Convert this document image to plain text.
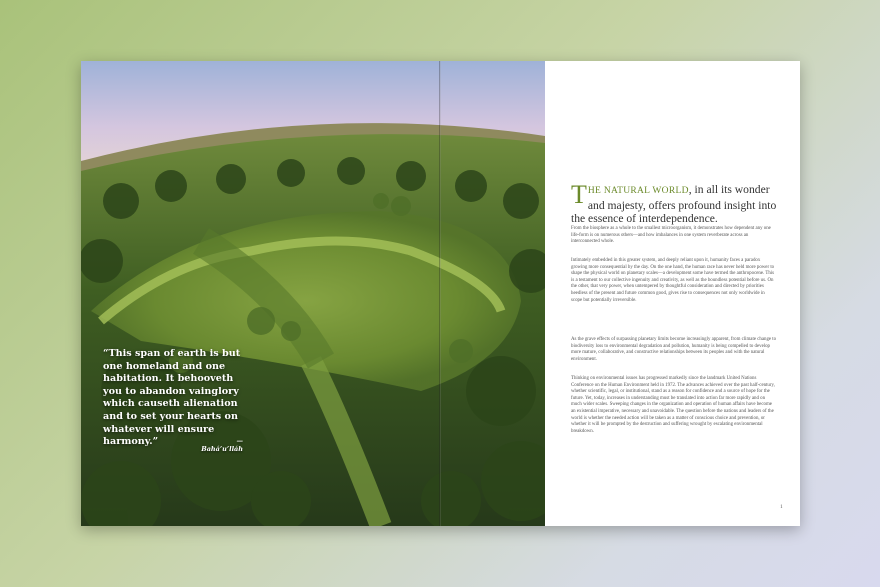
“This span of earth is but one homeland and one habitation. It behooveth you to abandon vainglory which causeth alienation and to set your hearts on whatever will ensure harmony.”	— Bahá’u’lláh
THE NATURAL WORLD, in all its wonder and majesty, offers profound insight into the essence of interdependence.
From the biosphere as a whole to the smallest microorganism, it demonstrates how dependent any one life-form is on numerous others—and how imbalances in one system reverberate across an interconnected whole.
Intimately embedded in this greater system, and deeply reliant upon it, humanity faces a paradox growing more consequential by the day. On the one hand, the human race has never held more power to shape the physical world on planetary scales—a development some have termed the anthropocene. This is a testament to our collective ingenuity and creativity, as well as the boundless potential before us. On the other, that very power, when untempered by thoughtful consideration and directed by priorities heedless of the present and future common good, gives rise to consequences not only worldwide in scope but potentially irreversible.
As the grave effects of surpassing planetary limits become increasingly apparent, from climate change to biodiversity loss to environmental degradation and pollution, humanity is being compelled to develop more mature, collaborative, and constructive relationships between its peoples and with the natural environment.
Thinking on environmental issues has progressed markedly since the landmark United Nations Conference on the Human Environment held in 1972. The advances achieved over the past half-century, whether scientific, legal, or institutional, stand as a reason for confidence and a source of hope for the future. Yet, today, increases in understanding must be translated into action far more rapidly and on much wider scales. Sweeping changes in the organization and operation of human affairs have become an existential imperative, necessary and unavoidable. The question before the nations and leaders of the world is whether the needed action will be taken as a matter of conscious choice and prevention, or whether it will be prompted by the destruction and suffering wrought by escalating environmental breakdown.
1
